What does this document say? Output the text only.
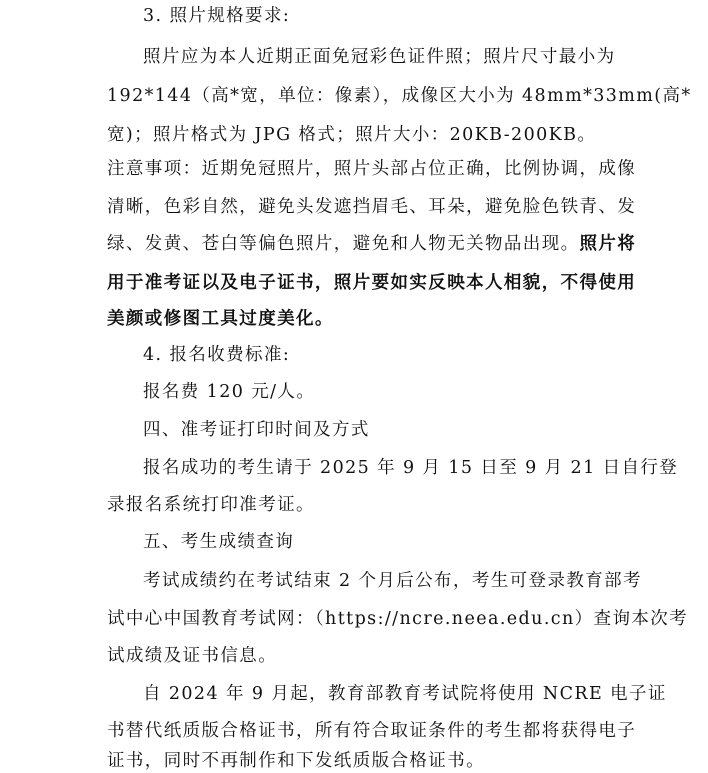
3. 照片规格要求:
照片应为本人近期正面免冠彩色证件照；照片尺寸最小为
192*144（高*宽，单位：像素），成像区大小为 48mm*33mm(高*
宽)；照片格式为 JPG 格式；照片大小：20KB-200KB。
注意事项：近期免冠照片，照片头部占位正确，比例协调，成像
清晰，色彩自然，避免头发遮挡眉毛、耳朵，避免脸色铁青、发
绿、发黄、苍白等偏色照片，避免和人物无关物品出现。照片将
用于准考证以及电子证书，照片要如实反映本人相貌，不得使用
美颜或修图工具过度美化。
4. 报名收费标准:
报名费 120 元/人。
四、准考证打印时间及方式
报名成功的考生请于 2025 年 9 月 15 日至 9 月 21 日自行登
录报名系统打印准考证。
五、考生成绩查询
考试成绩约在考试结束 2 个月后公布，考生可登录教育部考
试中心中国教育考试网：（https://ncre.neea.edu.cn）查询本次考
试成绩及证书信息。
自 2024 年 9 月起，教育部教育考试院将使用 NCRE 电子证
书替代纸质版合格证书，所有符合取证条件的考生都将获得电子
证书，同时不再制作和下发纸质版合格证书。
